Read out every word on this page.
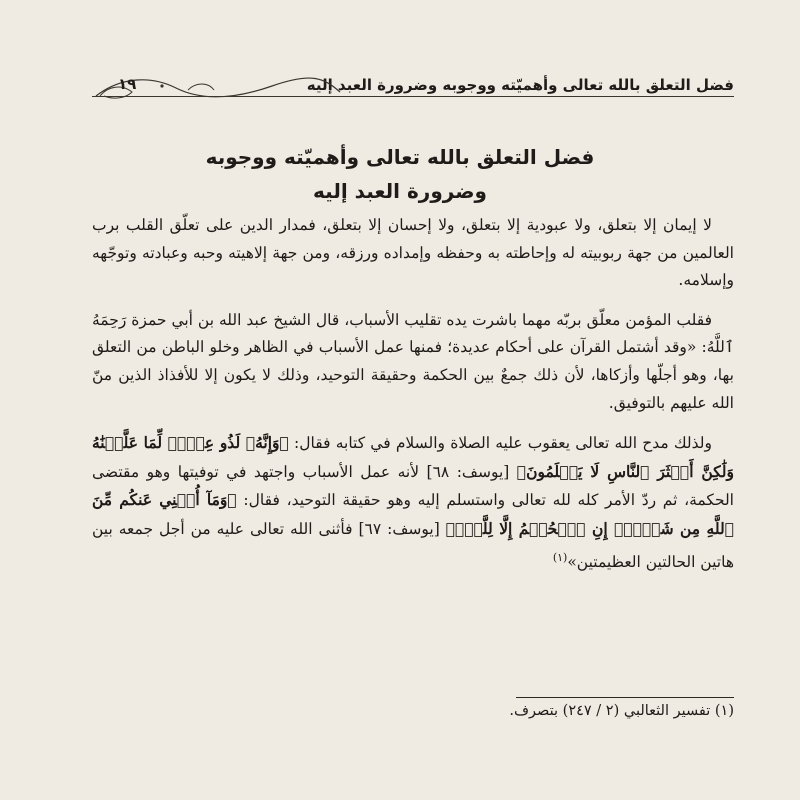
فضل التعلق بالله تعالى وأهميّته ووجوبه وضرورة العبد إليه
١٩
فضل التعلق بالله تعالى وأهميّته ووجوبه
وضرورة العبد إليه

لا إيمان إلا بتعلق، ولا عبودية إلا بتعلق، ولا إحسان إلا بتعلق، فمدار الدين على تعلّق القلب برب العالمين من جهة ربوبيته له وإحاطته به وحفظه وإمداده ورزقه، ومن جهة إلاهيته وحبه وعبادته وتوجّهه وإسلامه.

فقلب المؤمن معلّق بربّه مهما باشرت يده تقليب الأسباب، قال الشيخ عبد الله بن أبي حمزة رَحِمَهُ ٱللَّهُ: «وقد أشتمل القرآن على أحكام عديدة؛ فمنها عمل الأسباب في الظاهر وخلو الباطن من التعلق بها، وهو أجلّها وأزكاها، لأن ذلك جمعٌ بين الحكمة وحقيقة التوحيد، وذلك لا يكون إلا للأفذاذ الذين منّ الله عليهم بالتوفيق.

ولذلك مدح الله تعالى يعقوب عليه الصلاة والسلام في كتابه فقال: ﴿وَإِنَّهُۥ لَذُو عِلۡمٖ لِّمَا عَلَّمۡنَٰهُ وَلَٰكِنَّ أَكۡثَرَ ٱلنَّاسِ لَا يَعۡلَمُونَ﴾ [يوسف: ٦٨] لأنه عمل الأسباب واجتهد في توفيتها وهو مقتضى الحكمة، ثم ردّ الأمر كله لله تعالى واستسلم إليه وهو حقيقة التوحيد، فقال: ﴿وَمَآ أُغۡنِي عَنكُم مِّنَ ٱللَّهِ مِن شَيۡءٍۖ إِنِ ٱلۡحُكۡمُ إِلَّا لِلَّهِۖ﴾ [يوسف: ٦٧] فأثنى الله تعالى عليه من أجل جمعه بين هاتين الحالتين العظيمتين»$^{(١)}$

(١) تفسير الثعالبي (٢ / ٢٤٧) بتصرف.
